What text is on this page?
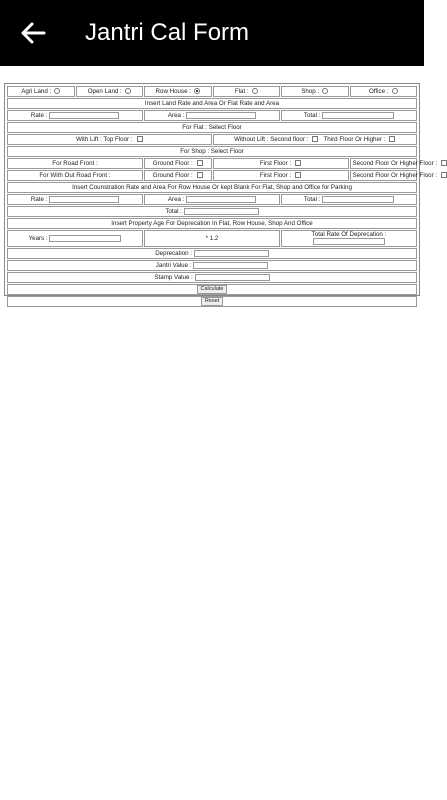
Jantri Cal Form
Agri Land :	Open Land :	Row House :	Flat :	Shop :	Office :
Insert Land Rate and Area Or Flat Rate and Area					
Rate :		Area :		Total :	
For Flat : Select Floor					
With Lift : Top Floor :			Without Lift : Second floor : Third Floor Or Higher :		
For Shop : Select Floor					
For Road Front :		Ground Floor :	First Floor :		Second Floor Or Higher Floor :
For With Out Road Front :		Ground Floor :	First Floor :		Second Floor Or Higher Floor :
Insert Counstration Rate and Area For Row House Or kept Blank For Flat, Shop and Office for Parking					
Rate :		Area :		Total :	
Total :					
Insert Property Age For Deprecation In Flat, Row House, Shop And Office					
Years :		* 1.2		Total Rate Of Deprecation :	

Deprecation :					
Jantri Value :					
Stamp Value :					
Calculate					
Reset					
